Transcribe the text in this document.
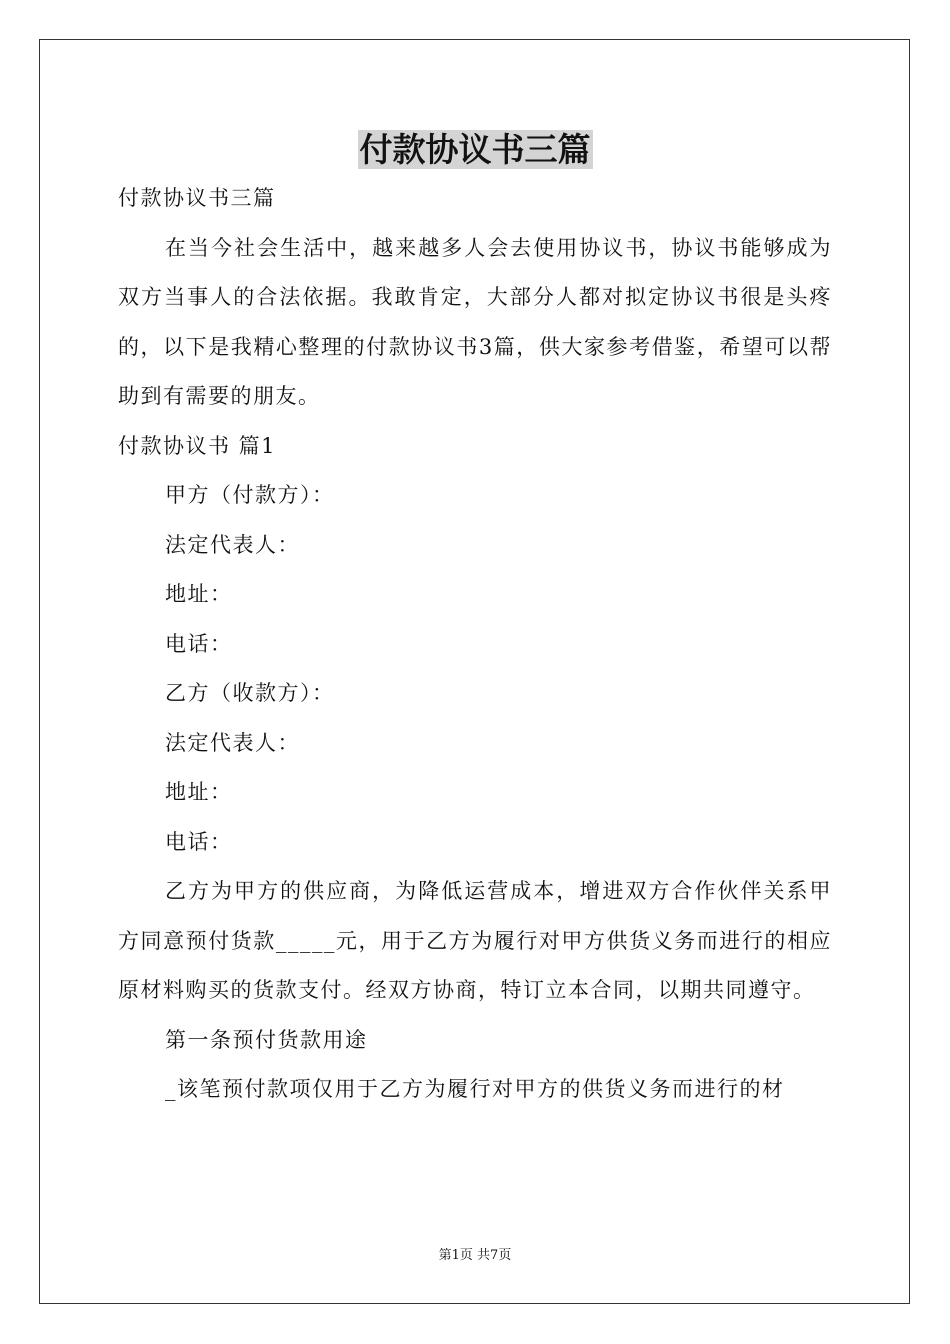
付款协议书三篇

付款协议书三篇

在当今社会生活中，越来越多人会去使用协议书，协议书能够成为双方当事人的合法依据。我敢肯定，大部分人都对拟定协议书很是头疼的，以下是我精心整理的付款协议书3篇，供大家参考借鉴，希望可以帮助到有需要的朋友。

付款协议书 篇1

甲方（付款方）：

法定代表人：

地址：

电话：

乙方（收款方）：

法定代表人：

地址：

电话：

乙方为甲方的供应商，为降低运营成本，增进双方合作伙伴关系甲方同意预付货款_____元，用于乙方为履行对甲方供货义务而进行的相应原材料购买的货款支付。经双方协商，特订立本合同，以期共同遵守。

第一条预付货款用途

_该笔预付款项仅用于乙方为履行对甲方的供货义务而进行的材

第1页 共7页
